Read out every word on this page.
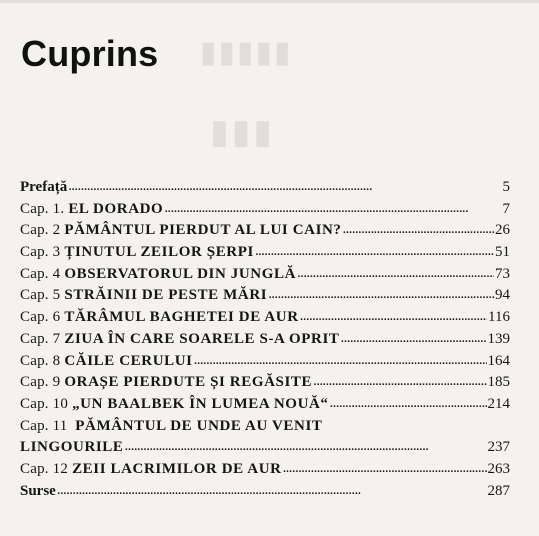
▮▮▮▮▮
▮▮▮
Cuprins
Prefață . . .	5
Cap. 1. EL DORADO . . .	7
Cap. 2 PĂMÂNTUL PIERDUT AL LUI CAIN? . . .	26
Cap. 3 ȚINUTUL ZEILOR ȘERPI . . .	51
Cap. 4 OBSERVATORUL DIN JUNGLĂ . . .	73
Cap. 5 STRĂINII DE PESTE MĂRI . . .	94
Cap. 6 TĂRÂMUL BAGHETEI DE AUR . . .	116
Cap. 7 ZIUA ÎN CARE SOARELE S-A OPRIT . . .	139
Cap. 8 CĂILE CERULUI . . .	164
Cap. 9 ORAȘE PIERDUTE ȘI REGĂSITE . . .	185
Cap. 10 „UN BAALBEK ÎN LUMEA NOUĂ“ . . .	214
Cap. 11 PĂMÂNTUL DE UNDE AU VENIT
LINGOURILE . . .	237
Cap. 12 ZEII LACRIMILOR DE AUR . . .	263
Surse . . .	287
